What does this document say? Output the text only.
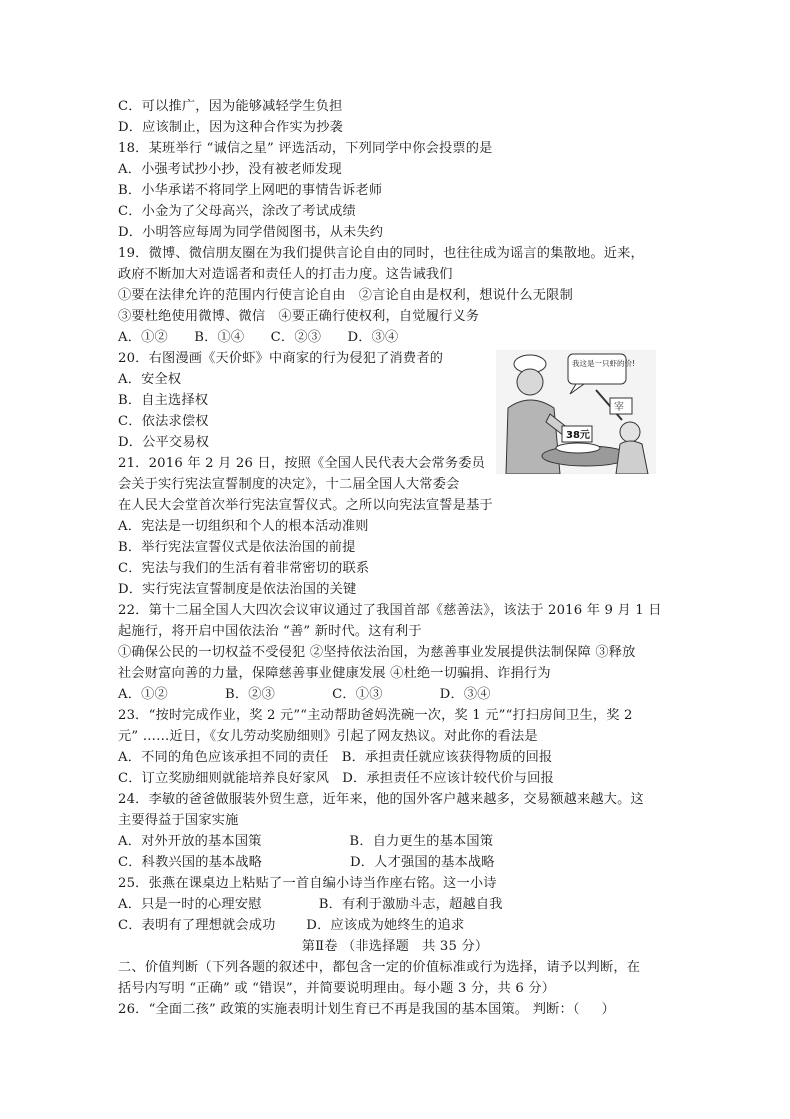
C．可以推广，因为能够减轻学生负担
D．应该制止，因为这种合作实为抄袭
18．某班举行 “诚信之星” 评选活动，下列同学中你会投票的是
A．小强考试抄小抄，没有被老师发现
B．小华承诺不将同学上网吧的事情告诉老师
C．小金为了父母高兴，涂改了考试成绩
D．小明答应每周为同学借阅图书，从未失约
19．微博、微信朋友圈在为我们提供言论自由的同时，也往往成为谣言的集散地。近来，
政府不断加大对造谣者和责任人的打击力度。这告诫我们
①要在法律允许的范围内行使言论自由   ②言论自由是权利，想说什么无限制
③要杜绝使用微博、微信   ④要正确行使权利，自觉履行义务
A．①②      B．①④      C．②③      D．③④
20．右图漫画《天价虾》中商家的行为侵犯了消费者的
A．安全权
B．自主选择权
C．依法求偿权
D．公平交易权
21．2016 年 2 月 26 日，按照《全国人民代表大会常务委员
会关于实行宪法宣誓制度的决定》，十二届全国人大常委会
在人民大会堂首次举行宪法宣誓仪式。之所以向宪法宣誓是基于
A．宪法是一切组织和个人的根本活动准则
B．举行宪法宣誓仪式是依法治国的前提
C．宪法与我们的生活有着非常密切的联系
D．实行宪法宣誓制度是依法治国的关键
22．第十二届全国人大四次会议审议通过了我国首部《慈善法》，该法于 2016 年 9 月 1 日
起施行，将开启中国依法治 “善” 新时代。这有利于
①确保公民的一切权益不受侵犯 ②坚持依法治国，为慈善事业发展提供法制保障 ③释放
社会财富向善的力量，保障慈善事业健康发展 ④杜绝一切骗捐、诈捐行为
A．①②             B．②③             C．①③             D．③④
23．“按时完成作业，奖 2 元”“主动帮助爸妈洗碗一次，奖 1 元”“打扫房间卫生，奖 2
元” ……近日，《女儿劳动奖励细则》引起了网友热议。对此你的看法是
A．不同的角色应该承担不同的责任   B．承担责任就应该获得物质的回报
C．订立奖励细则就能培养良好家风   D．承担责任不应该计较代价与回报
24．李敏的爸爸做服装外贸生意，近年来，他的国外客户越来越多，交易额越来越大。这
主要得益于国家实施
A．对外开放的基本国策                    B．自力更生的基本国策
C．科教兴国的基本战略                    D．人才强国的基本战略
25．张燕在课桌边上粘贴了一首自编小诗当作座右铭。这一小诗
A．只是一时的心理安慰             B．有利于激励斗志，超越自我
C．表明有了理想就会成功       D．应该成为她终生的追求
第Ⅱ卷 （非选择题   共 35 分）
二、价值判断（下列各题的叙述中，都包含一定的价值标准或行为选择，请予以判断，在
括号内写明 “正确” 或 “错误”，并简要说明理由。每小题 3 分，共 6 分）
26．“全面二孩” 政策的实施表明计划生育已不再是我国的基本国策。 判断：（     ）
我这是一只虾的价!
宰
38元
